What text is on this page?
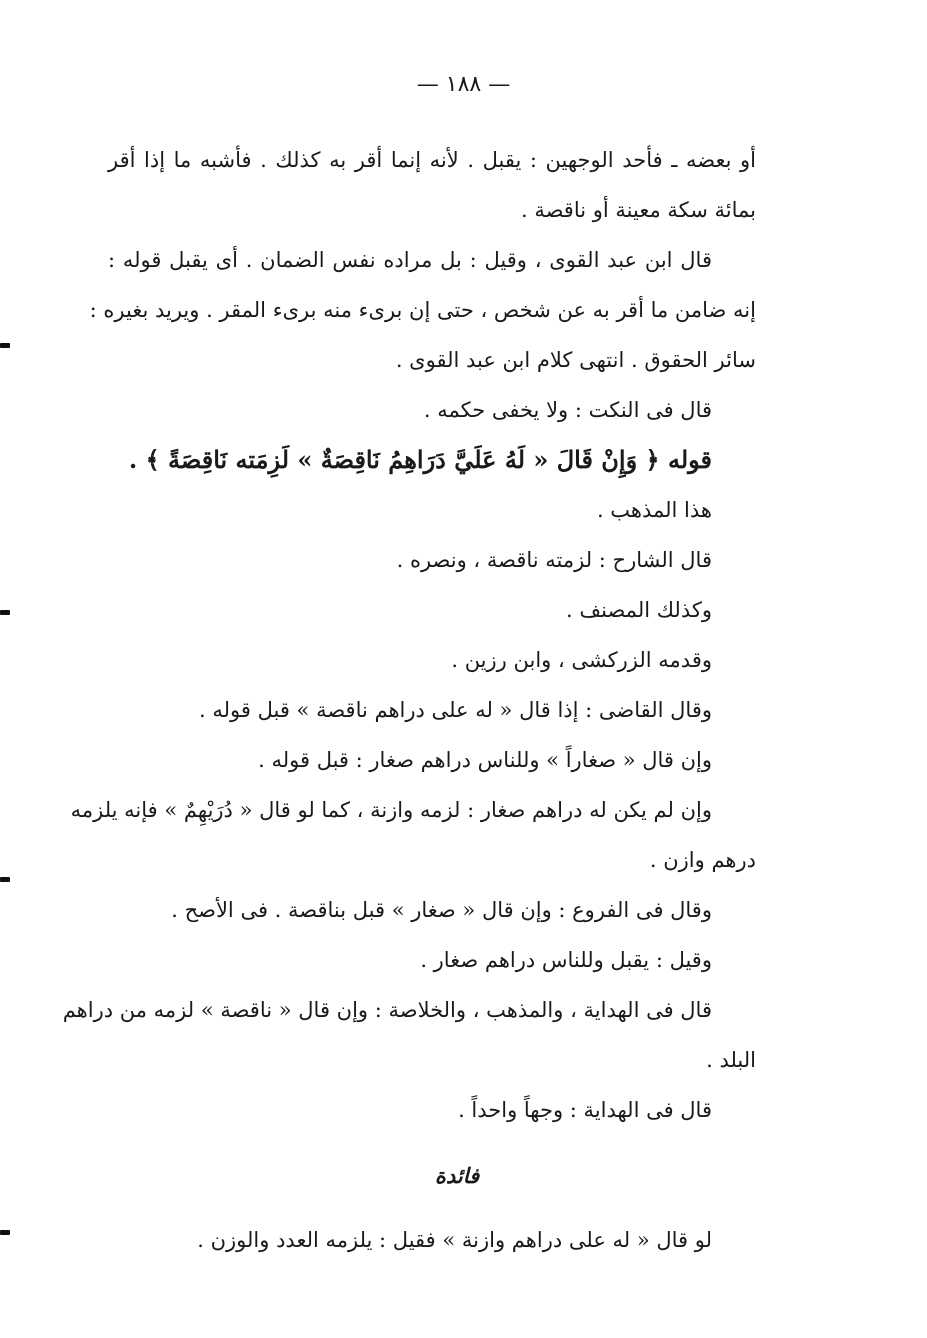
— ١٨٨ —
أو بعضه ـ فأحد الوجهين : يقبل . لأنه إنما أقر به كذلك . فأشبه ما إذا أقر
بمائة سكة معينة أو ناقصة .
قال ابن عبد القوى ، وقيل : بل مراده نفس الضمان . أى يقبل قوله :
إنه ضامن ما أقر به عن شخص ، حتى إن برىء منه برىء المقر . ويريد بغيره :
سائر الحقوق . انتهى كلام ابن عبد القوى .
قال فى النكت : ولا يخفى حكمه .
قوله ﴿ وَإِنْ قَالَ « لَهُ عَلَيَّ دَرَاهِمُ نَاقِصَةٌ » لَزِمَته نَاقِصَةً ﴾ .
هذا المذهب .
قال الشارح : لزمته ناقصة ، ونصره .
وكذلك المصنف .
وقدمه الزركشى ، وابن رزين .
وقال القاضى : إذا قال « له على دراهم ناقصة » قبل قوله .
وإن قال « صغاراً » وللناس دراهم صغار : قبل قوله .
وإن لم يكن له دراهم صغار : لزمه وازنة ، كما لو قال « دُرَيْهِمٌ » فإنه يلزمه
درهم وازن .
وقال فى الفروع : وإن قال « صغار » قبل بناقصة . فى الأصح .
وقيل : يقبل وللناس دراهم صغار .
قال فى الهداية ، والمذهب ، والخلاصة : وإن قال « ناقصة » لزمه من دراهم
البلد .
قال فى الهداية : وجهاً واحداً .
فائدة
لو قال « له على دراهم وازنة » فقيل : يلزمه العدد والوزن .
